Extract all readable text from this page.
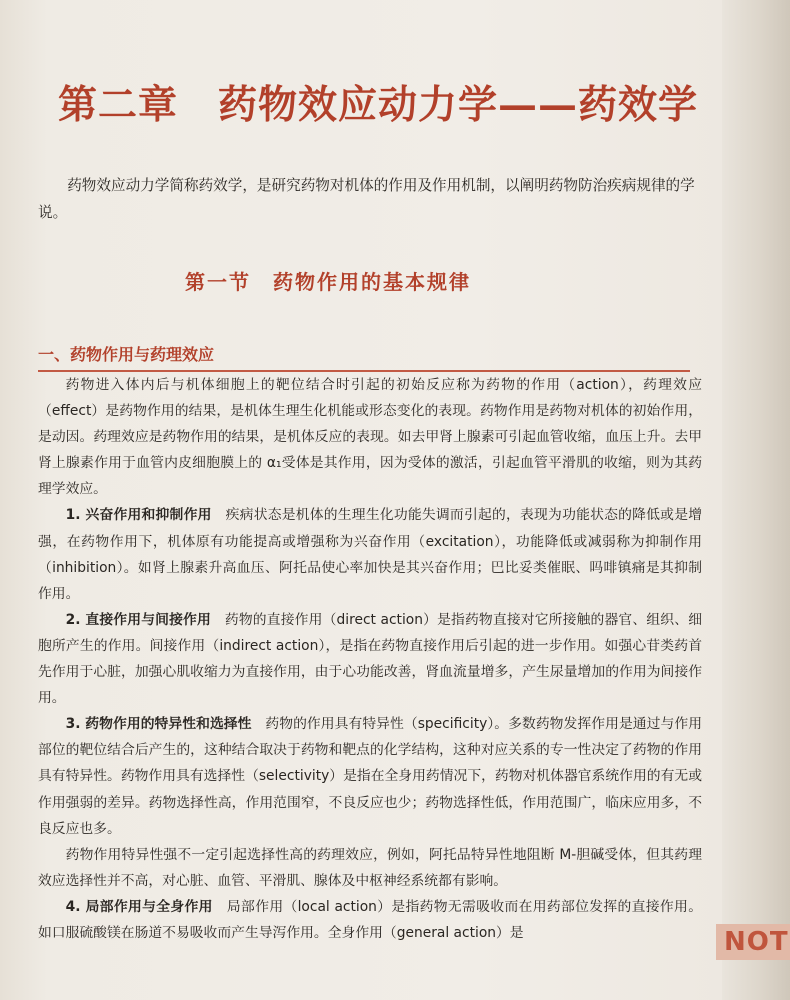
第二章　药物效应动力学——药效学

药物效应动力学简称药效学，是研究药物对机体的作用及作用机制，以阐明药物防治疾病规律的学说。

第一节　药物作用的基本规律
一、药物作用与药理效应

药物进入体内后与机体细胞上的靶位结合时引起的初始反应称为药物的作用（action），药理效应（effect）是药物作用的结果，是机体生理生化机能或形态变化的表现。药物作用是药物对机体的初始作用，是动因。药理效应是药物作用的结果，是机体反应的表现。如去甲肾上腺素可引起血管收缩，血压上升。去甲肾上腺素作用于血管内皮细胞膜上的 α₁受体是其作用，因为受体的激活，引起血管平滑肌的收缩，则为其药理学效应。

1. 兴奋作用和抑制作用　 疾病状态是机体的生理生化功能失调而引起的，表现为功能状态的降低或是增强，在药物作用下，机体原有功能提高或增强称为兴奋作用（excitation），功能降低或减弱称为抑制作用（inhibition）。如肾上腺素升高血压、阿托品使心率加快是其兴奋作用；巴比妥类催眠、吗啡镇痛是其抑制作用。

2. 直接作用与间接作用　 药物的直接作用（direct action）是指药物直接对它所接触的器官、组织、细胞所产生的作用。间接作用（indirect action），是指在药物直接作用后引起的进一步作用。如强心苷类药首先作用于心脏，加强心肌收缩力为直接作用，由于心功能改善，肾血流量增多，产生尿量增加的作用为间接作用。

3. 药物作用的特异性和选择性　 药物的作用具有特异性（specificity）。多数药物发挥作用是通过与作用部位的靶位结合后产生的，这种结合取决于药物和靶点的化学结构，这种对应关系的专一性决定了药物的作用具有特异性。药物作用具有选择性（selectivity）是指在全身用药情况下，药物对机体器官系统作用的有无或作用强弱的差异。药物选择性高，作用范围窄，不良反应也少；药物选择性低，作用范围广，临床应用多，不良反应也多。

药物作用特异性强不一定引起选择性高的药理效应，例如，阿托品特异性地阻断 M-胆碱受体，但其药理效应选择性并不高，对心脏、血管、平滑肌、腺体及中枢神经系统都有影响。

4. 局部作用与全身作用　 局部作用（local action）是指药物无需吸收而在用药部位发挥的直接作用。如口服硫酸镁在肠道不易吸收而产生导泻作用。全身作用（general action）是	NOT
